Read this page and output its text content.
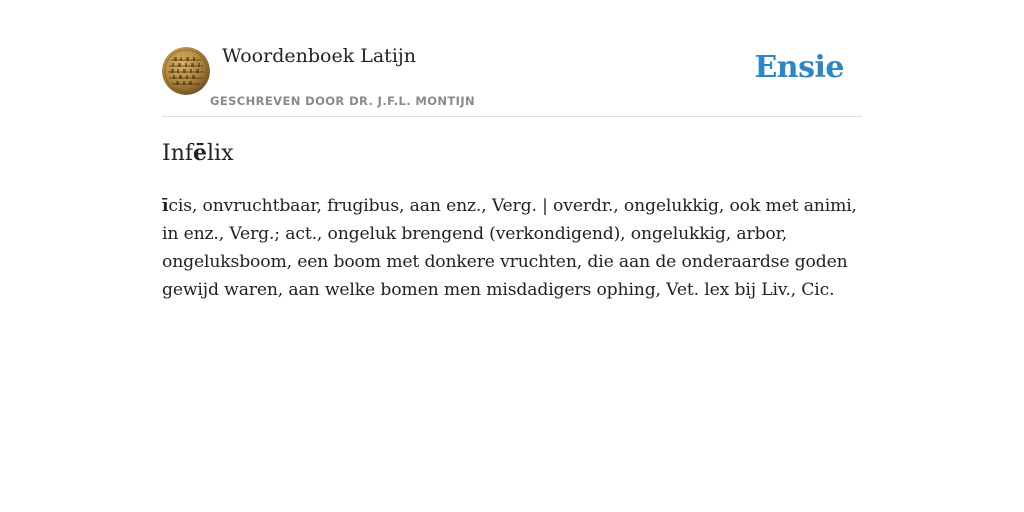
Woordenboek Latijn
GESCHREVEN DOOR DR. J.F.L. MONTIJN
Ensie
Infēlix

īcis, onvruchtbaar, frugibus, aan enz., Verg. | overdr., ongelukkig, ook met animi, in enz., Verg.; act., ongeluk brengend (verkondigend), ongelukkig, arbor, ongeluksboom, een boom met donkere vruchten, die aan de onderaardse goden gewijd waren, aan welke bomen men misdadigers ophing, Vet. lex bij Liv., Cic.
